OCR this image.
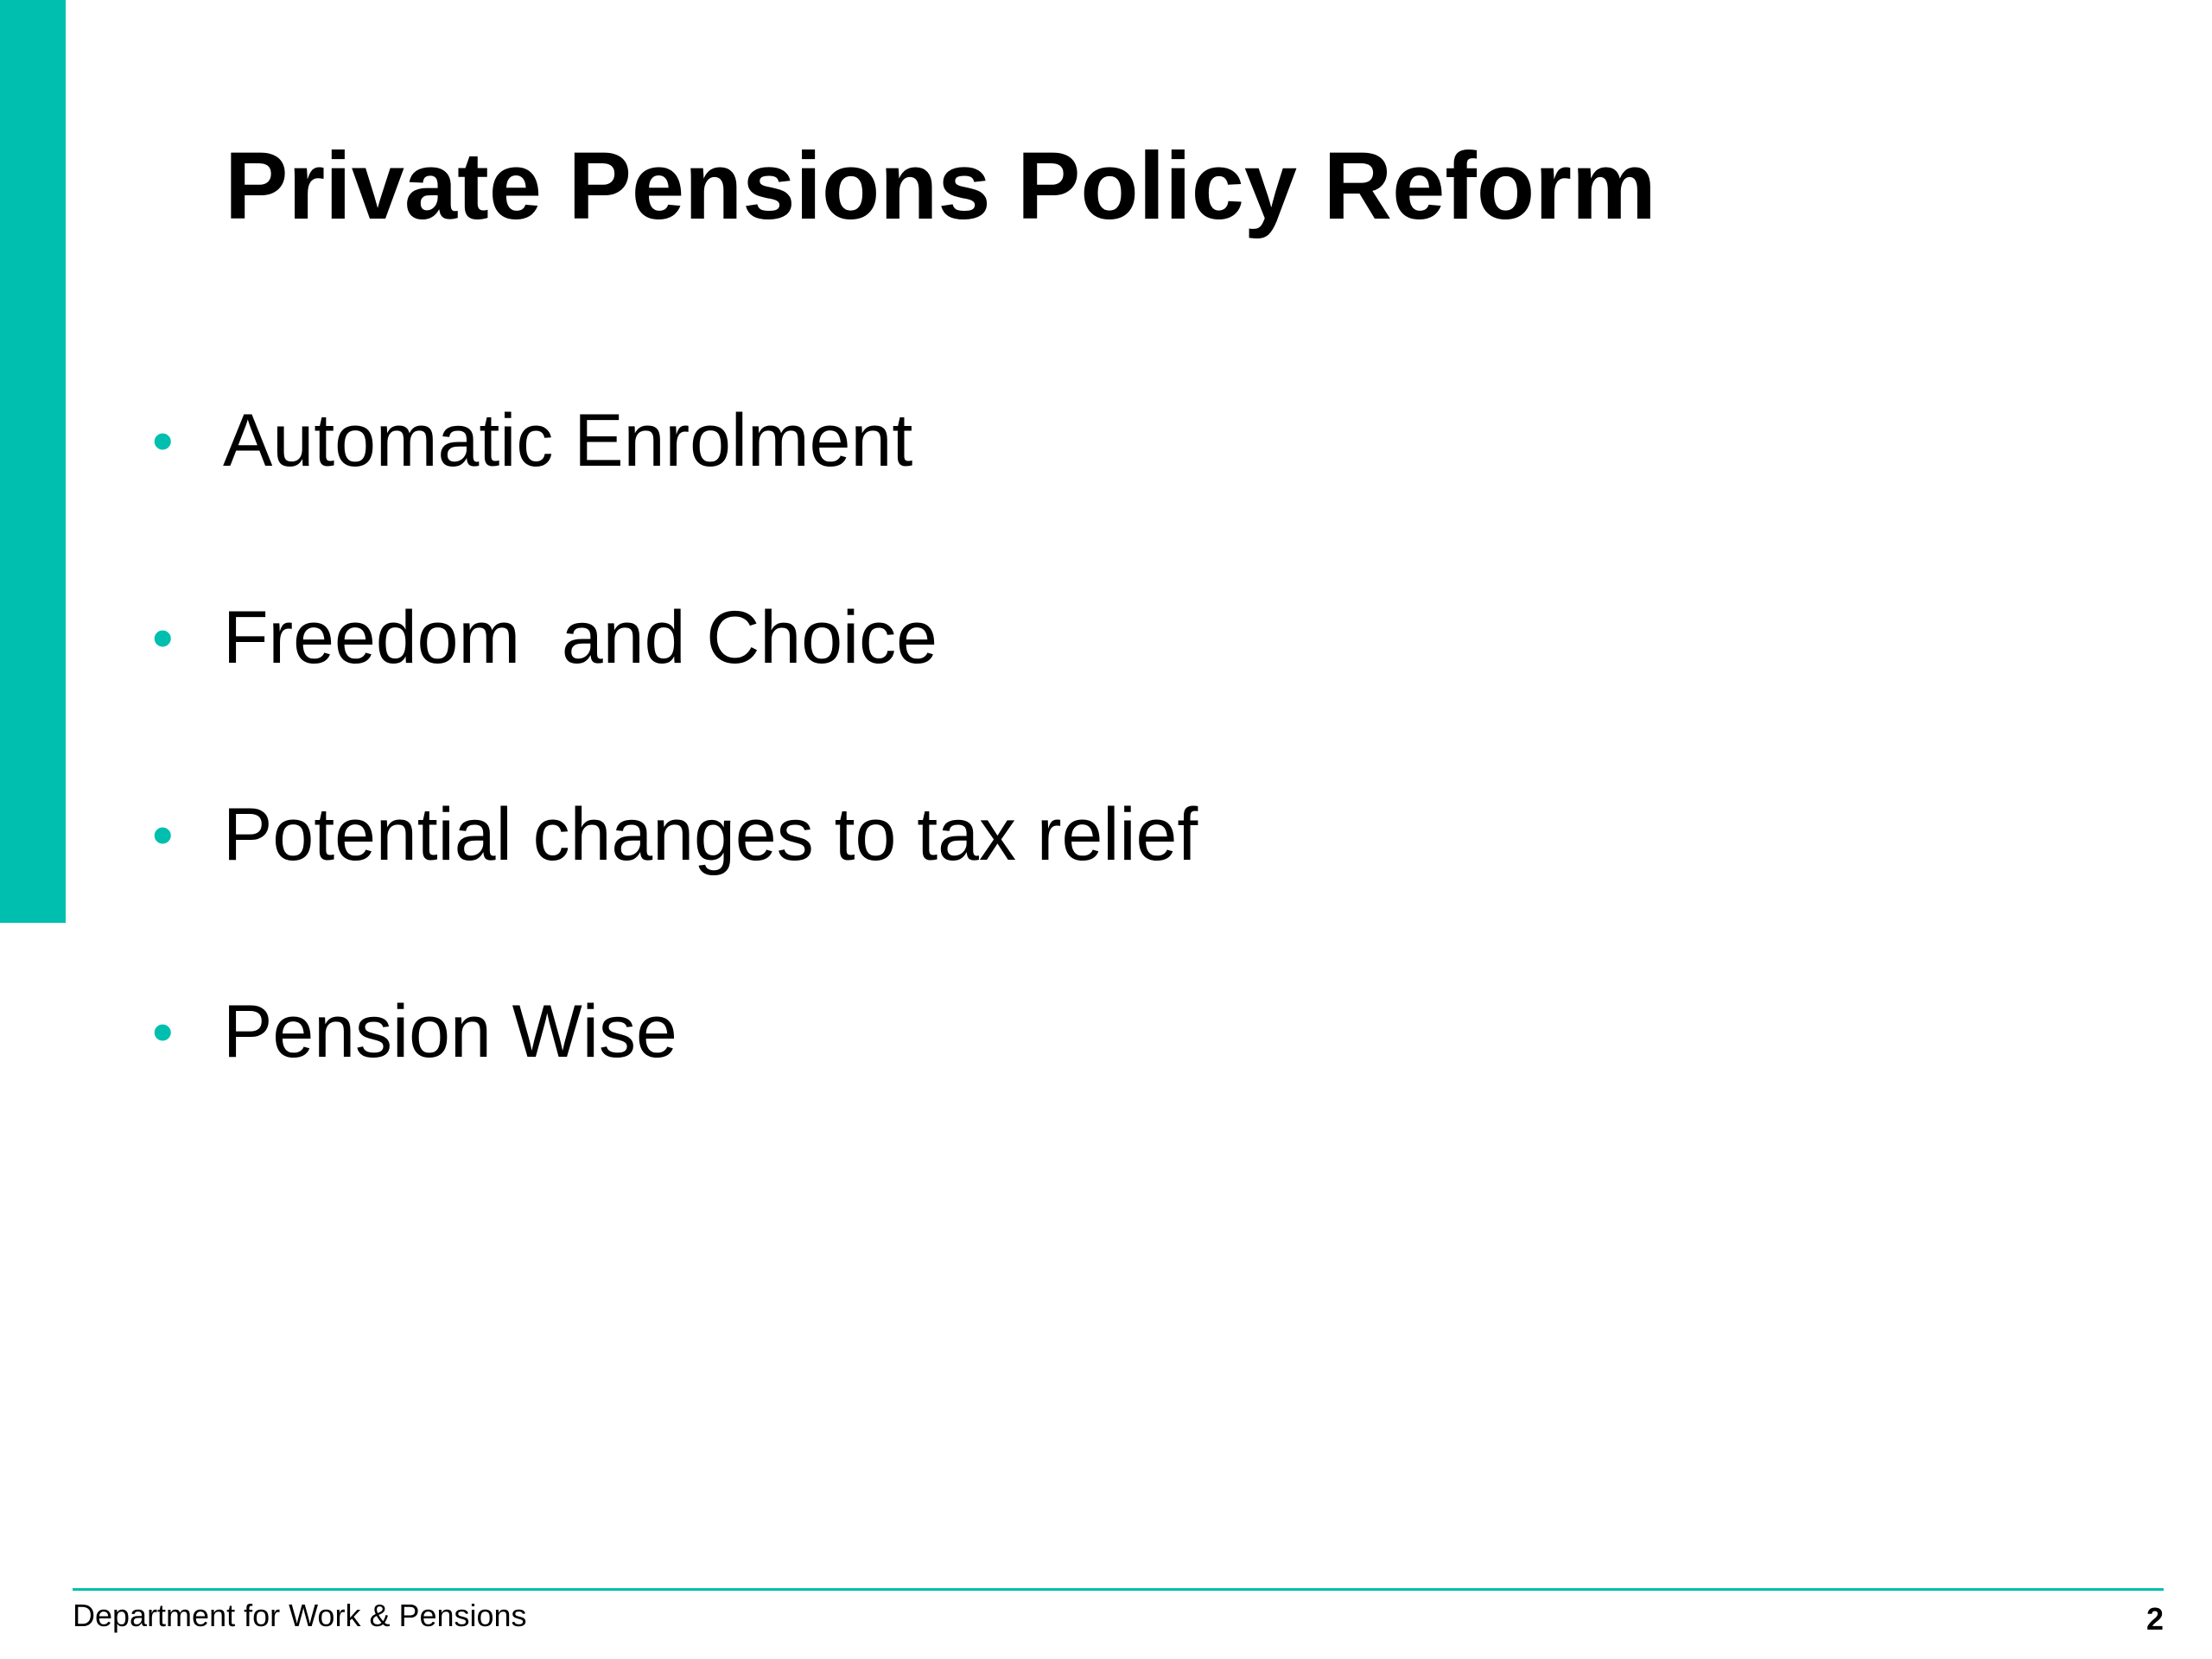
Private Pensions Policy Reform
• Automatic Enrolment
• Freedom  and Choice
• Potential changes to tax relief
• Pension Wise
Department for Work & Pensions	2
